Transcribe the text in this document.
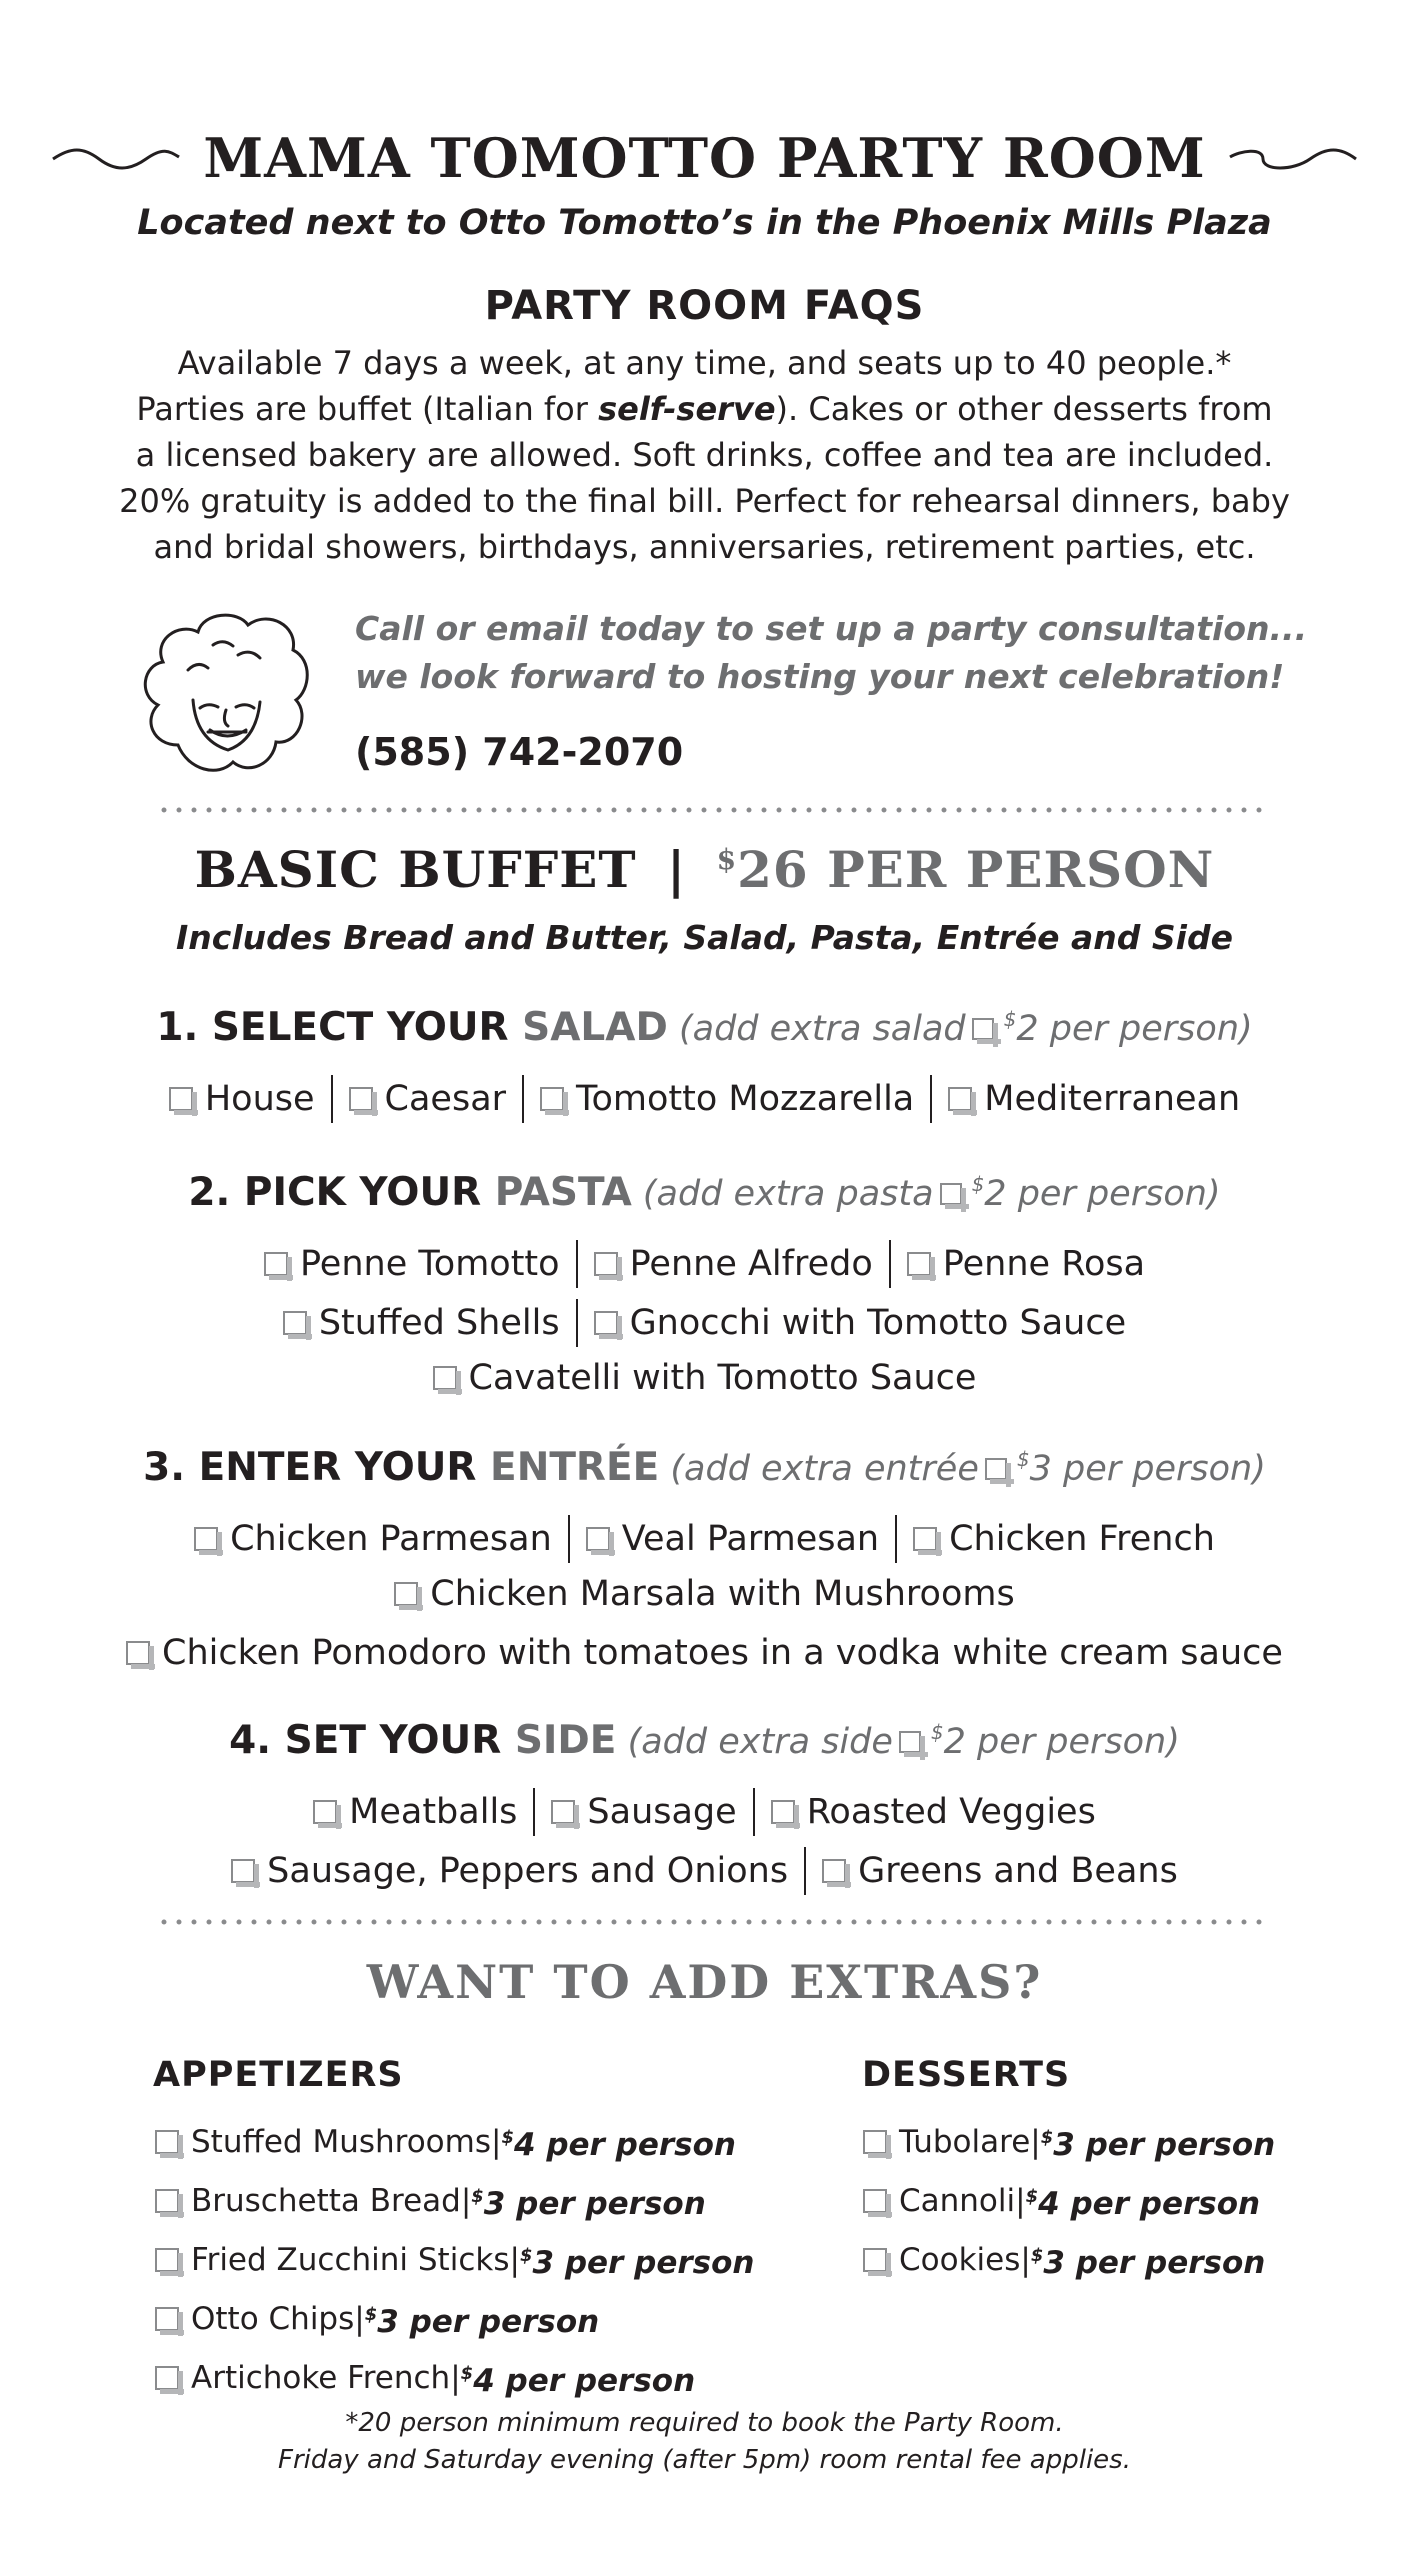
MAMA TOMOTTO PARTY ROOM
Located next to Otto Tomotto’s in the Phoenix Mills Plaza
PARTY ROOM FAQS
Available 7 days a week, at any time, and seats up to 40 people.*
Parties are buffet (Italian for self-serve). Cakes or other desserts from
a licensed bakery are allowed. Soft drinks, coffee and tea are included.
20% gratuity is added to the final bill. Perfect for rehearsal dinners, baby
and bridal showers, birthdays, anniversaries, retirement parties, etc.
Call or email today to set up a party consultation...
we look forward to hosting your next celebration!
(585) 742-2070
BASIC BUFFET | $26 PER PERSON
Includes Bread and Butter, Salad, Pasta, Entrée and Side
1. SELECT YOUR SALAD (add extra salad $2 per person)
House Caesar Tomotto Mozzarella Mediterranean
2. PICK YOUR PASTA (add extra pasta $2 per person)
Penne Tomotto Penne Alfredo Penne Rosa
Stuffed Shells Gnocchi with Tomotto Sauce
Cavatelli with Tomotto Sauce
3. ENTER YOUR ENTRÉE (add extra entrée $3 per person)
Chicken Parmesan Veal Parmesan Chicken French
Chicken Marsala with Mushrooms
Chicken Pomodoro with tomatoes in a vodka white cream sauce
4. SET YOUR SIDE (add extra side $2 per person)
Meatballs Sausage Roasted Veggies
Sausage, Peppers and Onions Greens and Beans
WANT TO ADD EXTRAS?
APPETIZERS
Stuffed Mushrooms | $4 per person
Bruschetta Bread | $3 per person
Fried Zucchini Sticks | $3 per person
Otto Chips | $3 per person
Artichoke French | $4 per person
DESSERTS
Tubolare | $3 per person
Cannoli | $4 per person
Cookies | $3 per person
*20 person minimum required to book the Party Room.
Friday and Saturday evening (after 5pm) room rental fee applies.
